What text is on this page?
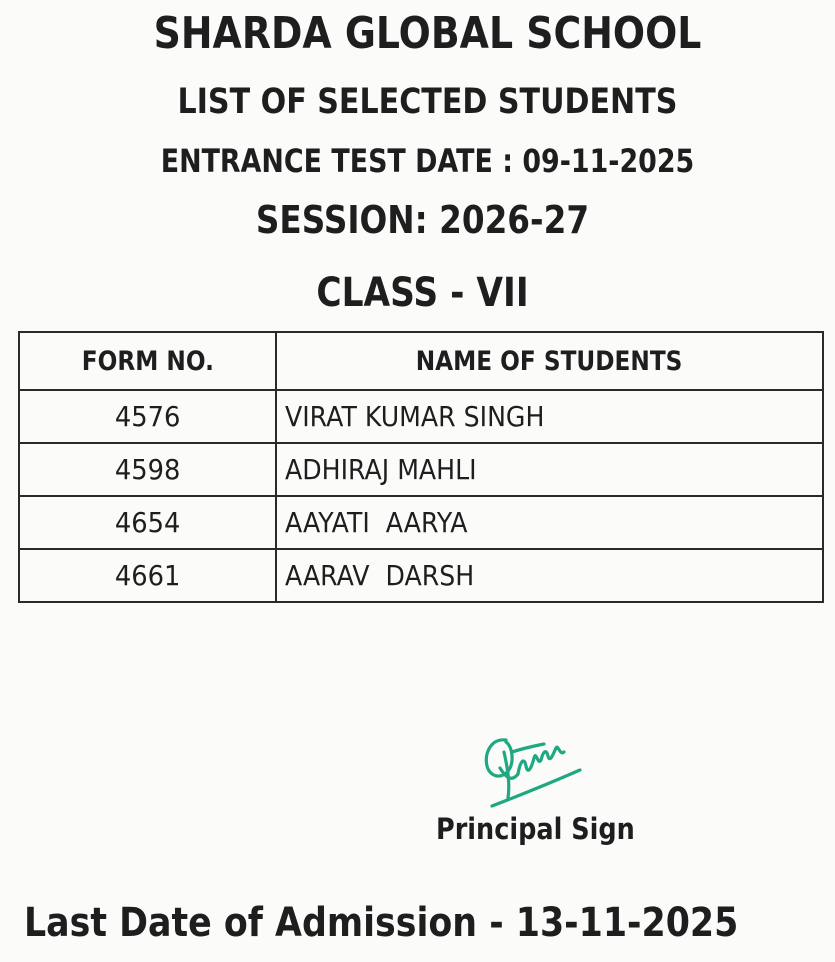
SHARDA GLOBAL SCHOOL
LIST OF SELECTED STUDENTS
ENTRANCE TEST DATE : 09-11-2025
SESSION: 2026-27
CLASS - VII
FORM NO.	NAME OF STUDENTS
4576	VIRAT KUMAR SINGH
4598	ADHIRAJ MAHLI
4654	AAYATI  AARYA
4661	AARAV  DARSH
Principal Sign
Last Date of Admission - 13-11-2025
